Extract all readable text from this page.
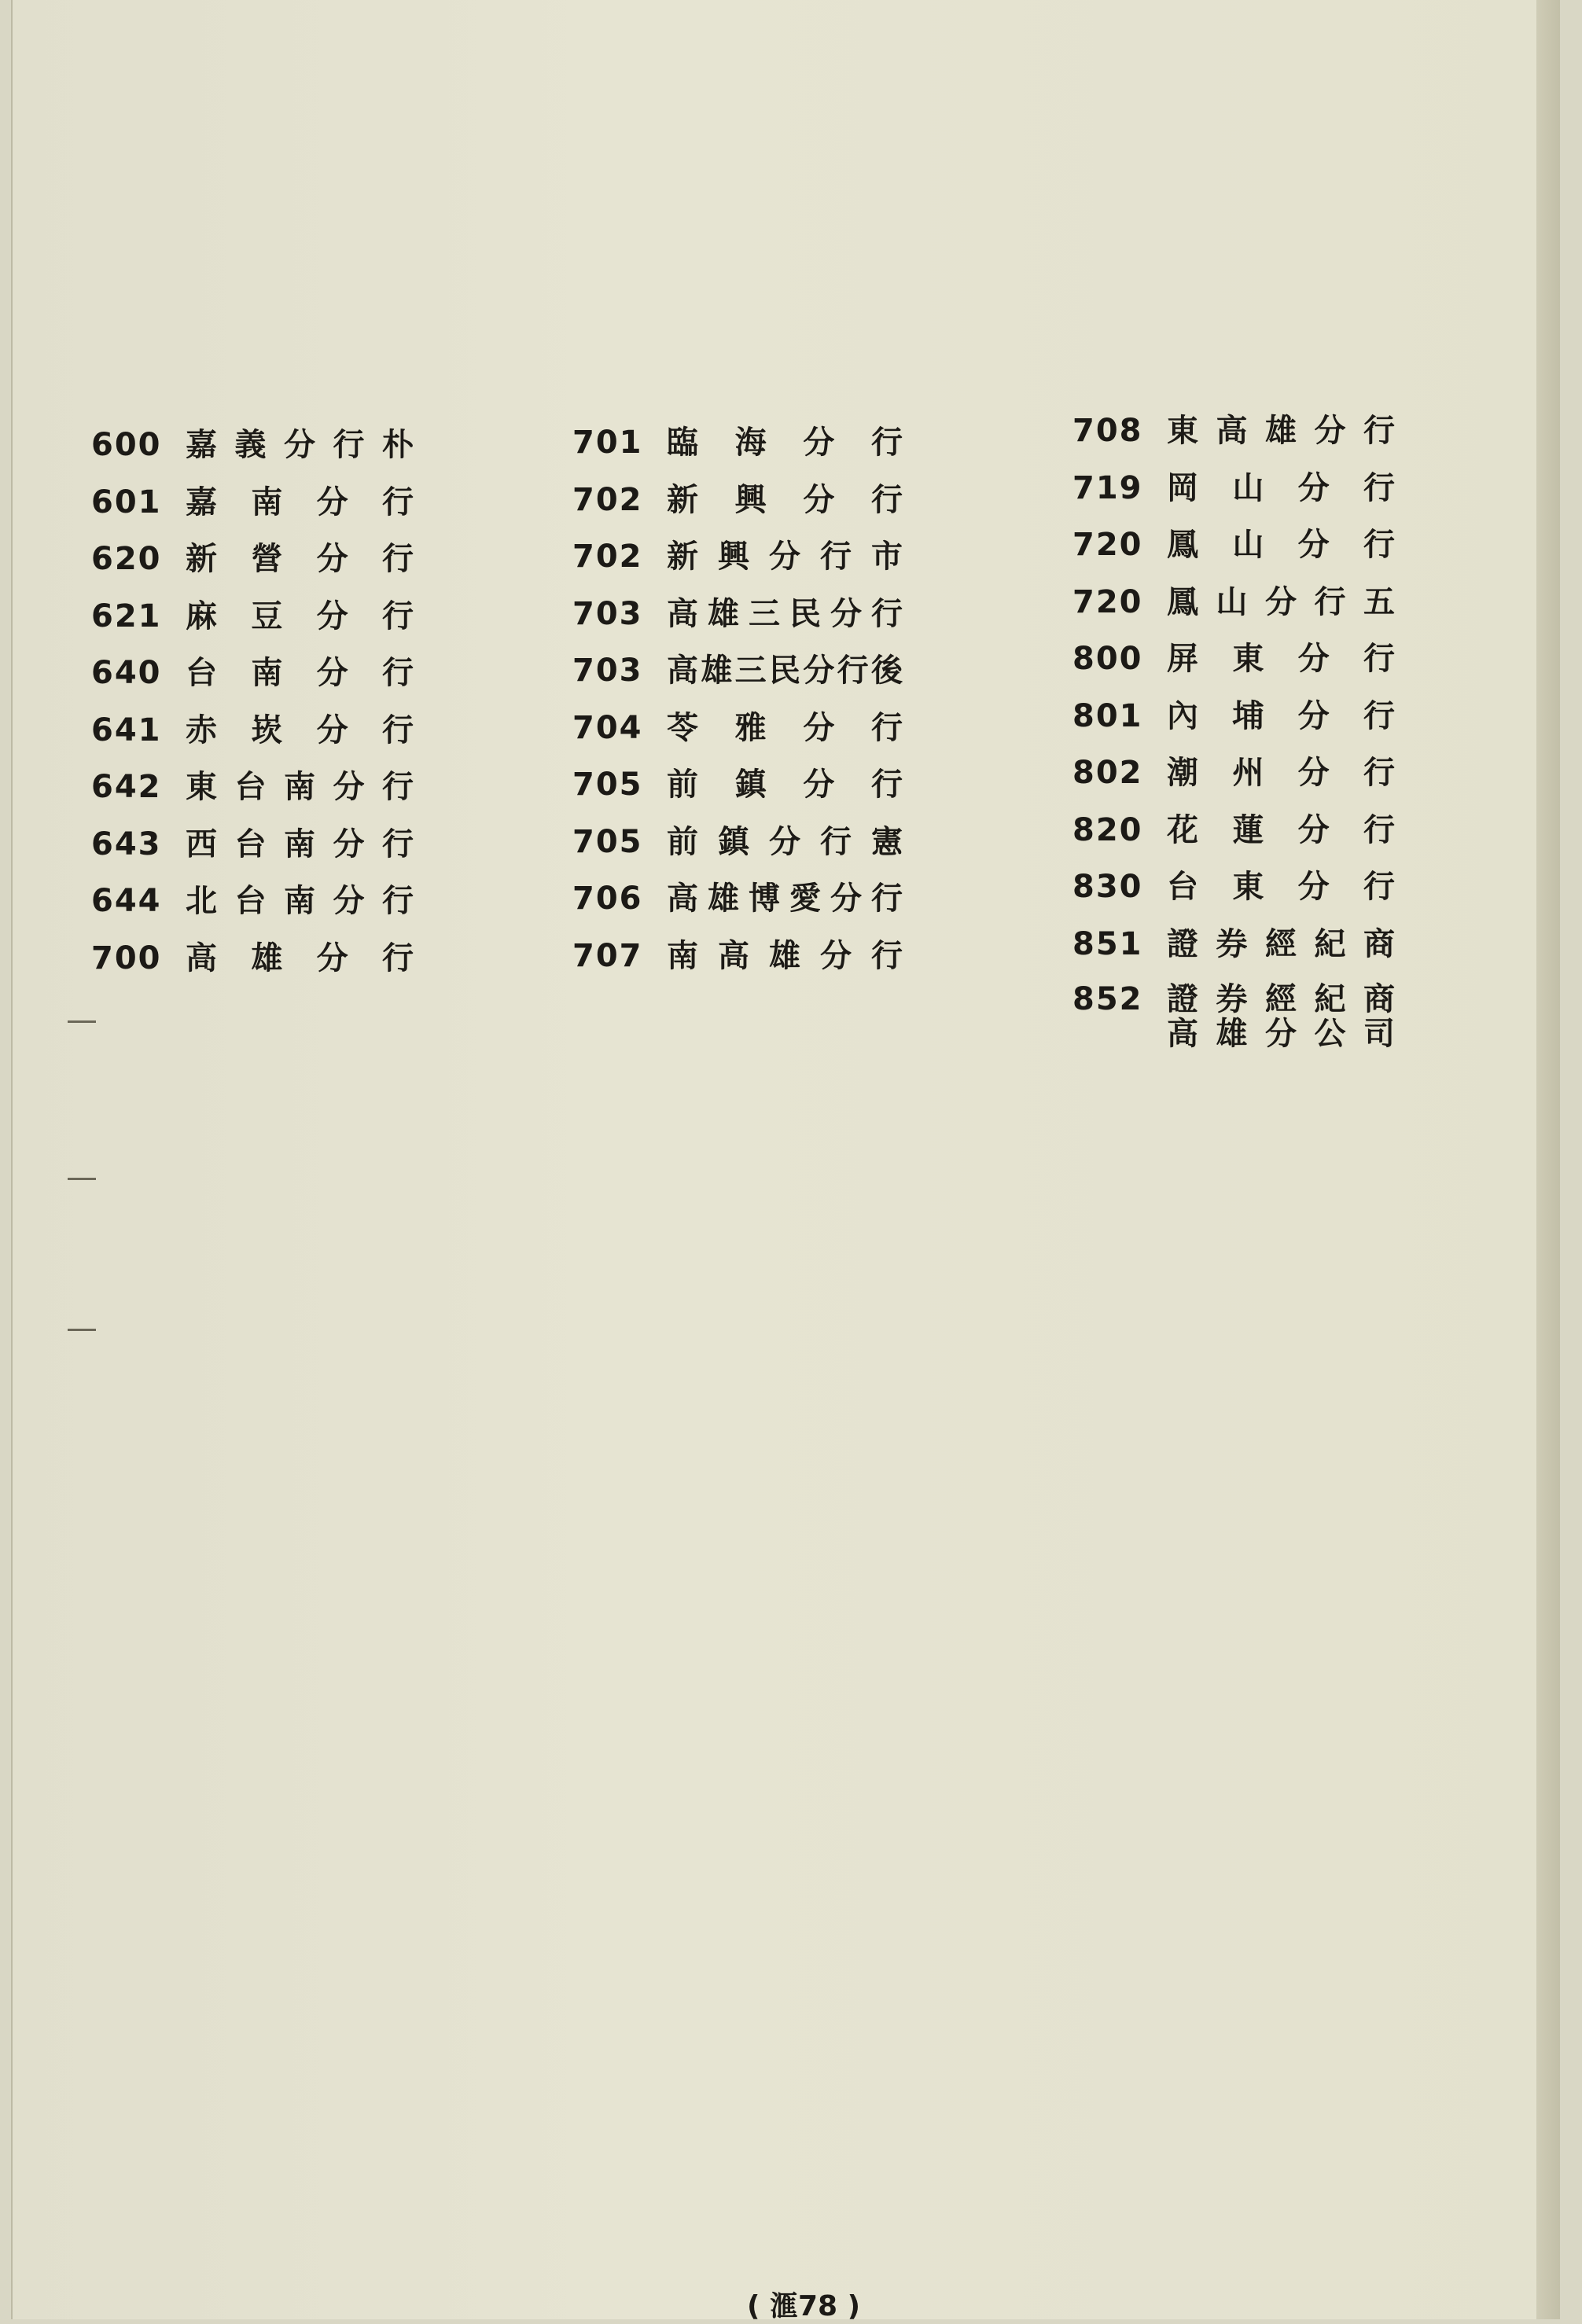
600 嘉義分行朴
601 嘉南分行
620 新營分行
621 麻豆分行
640 台南分行
641 赤崁分行
642 東台南分行
643 西台南分行
644 北台南分行
700 高雄分行
701 臨海分行
702 新興分行
702 新興分行市
703 高雄三民分行
703 高雄三民分行後
704 苓雅分行
705 前鎮分行
705 前鎮分行憲
706 高雄博愛分行
707 南高雄分行
708 東高雄分行
719 岡山分行
720 鳳山分行
720 鳳山分行五
800 屏東分行
801 內埔分行
802 潮州分行
820 花蓮分行
830 台東分行
851 證券經紀商
852 證券經紀商
高雄分公司
( 滙78 )
